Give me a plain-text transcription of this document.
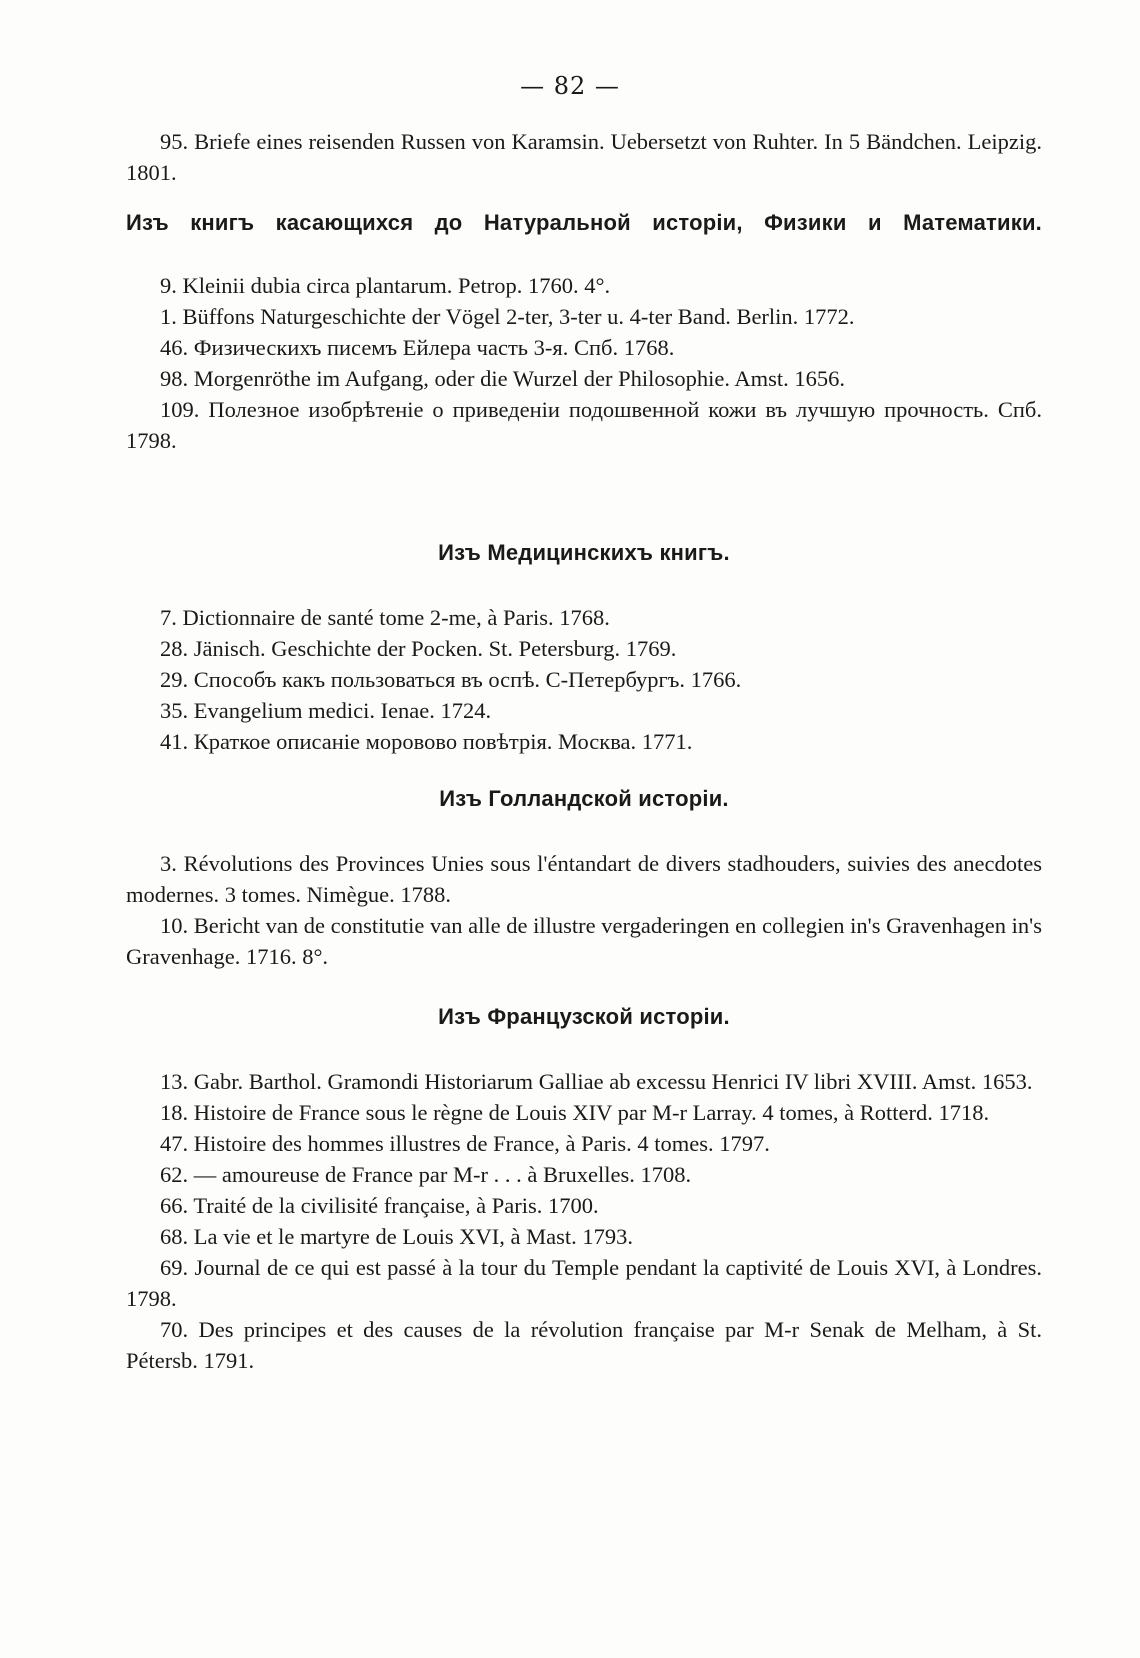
— 82 —

95. Briefe eines reisenden Russen von Karamsin. Uebersetzt von Ruhter. In 5 Bändchen. Leipzig. 1801.

Изъ книгъ касающихся до Натуральной исторіи, Физики и Математики.

9. Kleinii dubia circa plantarum. Petrop. 1760. 4°.

1. Büffons Naturgeschichte der Vögel 2-ter, 3-ter u. 4-ter Band. Berlin. 1772.

46. Физическихъ писемъ Ейлера часть 3-я. Спб. 1768.

98. Morgenröthe im Aufgang, oder die Wurzel der Philosophie. Amst. 1656.

109. Полезное изобрѣтеніе о приведеніи подошвенной кожи въ лучшую прочность. Спб. 1798.

Изъ Медицинскихъ книгъ.

7. Dictionnaire de santé tome 2-me, à Paris. 1768.

28. Jänisch. Geschichte der Pocken. St. Petersburg. 1769.

29. Способъ какъ пользоваться въ оспѣ. С-Петербургъ. 1766.

35. Evangelium medici. Ienae. 1724.

41. Краткое описаніе моровово повѣтрія. Москва. 1771.

Изъ Голландской исторіи.

3. Révolutions des Provinces Unies sous l'éntandart de divers stadhouders, suivies des anecdotes modernes. 3 tomes. Nimègue. 1788.

10. Bericht van de constitutie van alle de illustre vergaderingen en collegien in's Gravenhagen in's Gravenhage. 1716. 8°.

Изъ Французской исторіи.

13. Gabr. Barthol. Gramondi Historiarum Galliae ab excessu Henrici IV libri XVIII. Amst. 1653.

18. Histoire de France sous le règne de Louis XIV par M-r Larray. 4 tomes, à Rotterd. 1718.

47. Histoire des hommes illustres de France, à Paris. 4 tomes. 1797.

62. — amoureuse de France par M-r . . . à Bruxelles. 1708.

66. Traité de la civilisité française, à Paris. 1700.

68. La vie et le martyre de Louis XVI, à Mast. 1793.

69. Journal de ce qui est passé à la tour du Temple pendant la captivité de Louis XVI, à Londres. 1798.

70. Des principes et des causes de la révolution française par M-r Senak de Melham, à St. Pétersb. 1791.
